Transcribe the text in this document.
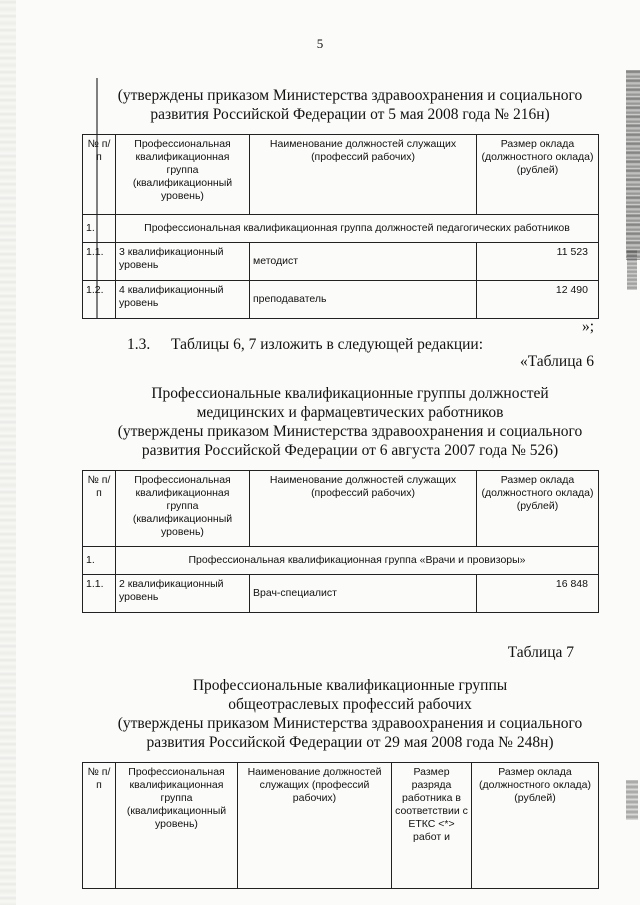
5
(утверждены приказом Министерства здравоохранения и социального
развития Российской Федерации от 5 мая 2008 года № 216н)
№ п/п	Профессиональная квалификационная группа (квалификационный уровень)	Наименование должностей служащих (профессий рабочих)	Размер оклада (должностного оклада) (рублей)
1.	Профессиональная квалификационная группа должностей педагогических работников		
1.1.	3 квалификационный уровень	методист	11 523
1.2.	4 квалификационный уровень	преподаватель	12 490
»;
1.3. Таблицы 6, 7 изложить в следующей редакции:
«Таблица 6
Профессиональные квалификационные группы должностей
медицинских и фармацевтических работников
(утверждены приказом Министерства здравоохранения и социального
развития Российской Федерации от 6 августа 2007 года № 526)
№ п/п	Профессиональная квалификационная группа (квалификационный уровень)	Наименование должностей служащих (профессий рабочих)	Размер оклада (должностного оклада) (рублей)
1.	Профессиональная квалификационная группа «Врачи и провизоры»		
1.1.	2 квалификационный уровень	Врач-специалист	16 848
Таблица 7
Профессиональные квалификационные группы
общеотраслевых профессий рабочих
(утверждены приказом Министерства здравоохранения и социального
развития Российской Федерации от 29 мая 2008 года № 248н)
№ п/п	Профессиональная квалификационная группа (квалификационный уровень)	Наименование должностей служащих (профессий рабочих)	Размер разряда работника в соответствии с ЕТКС <*> работ и	Размер оклада (должностного оклада) (рублей)
